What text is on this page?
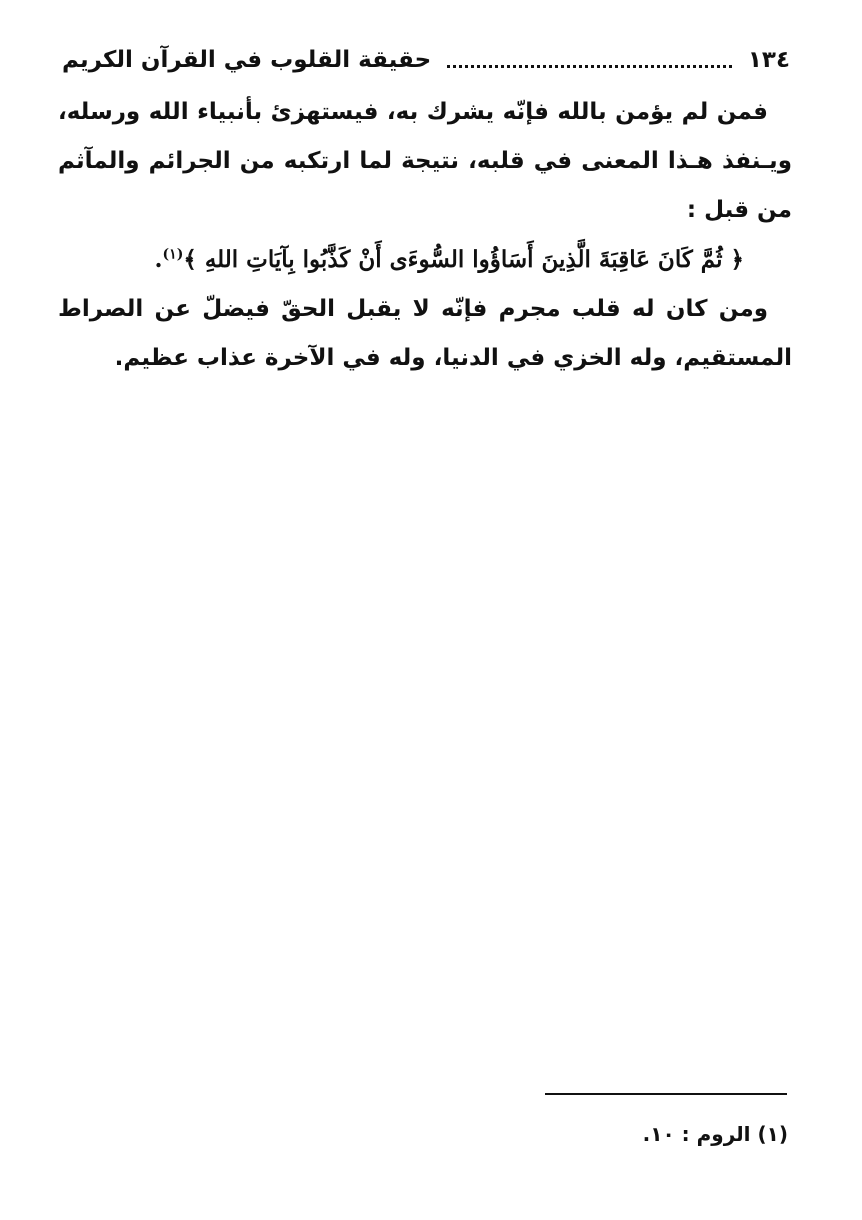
١٣٤
حقيقة القلوب في القرآن الكريم

فمن لم يؤمن بالله فإنّه يشرك به، فيستهزئ بأنبياء الله ورسله، ويـنفذ هـذا المعنى في قلبه، نتيجة لما ارتكبه من الجرائم والمآثم من قبل :

﴿ ثُمَّ كَانَ عَاقِبَةَ الَّذِينَ أَسَاؤُوا السُّوءَى أَنْ كَذَّبُوا بِآيَاتِ اللهِ ﴾$^{(١)}$.

ومن كان له قلب مجرم فإنّه لا يقبل الحقّ فيضلّ عن الصراط المستقيم، وله الخزي في الدنيا، وله في الآخرة عذاب عظيم.

(١) الروم : ١٠.
